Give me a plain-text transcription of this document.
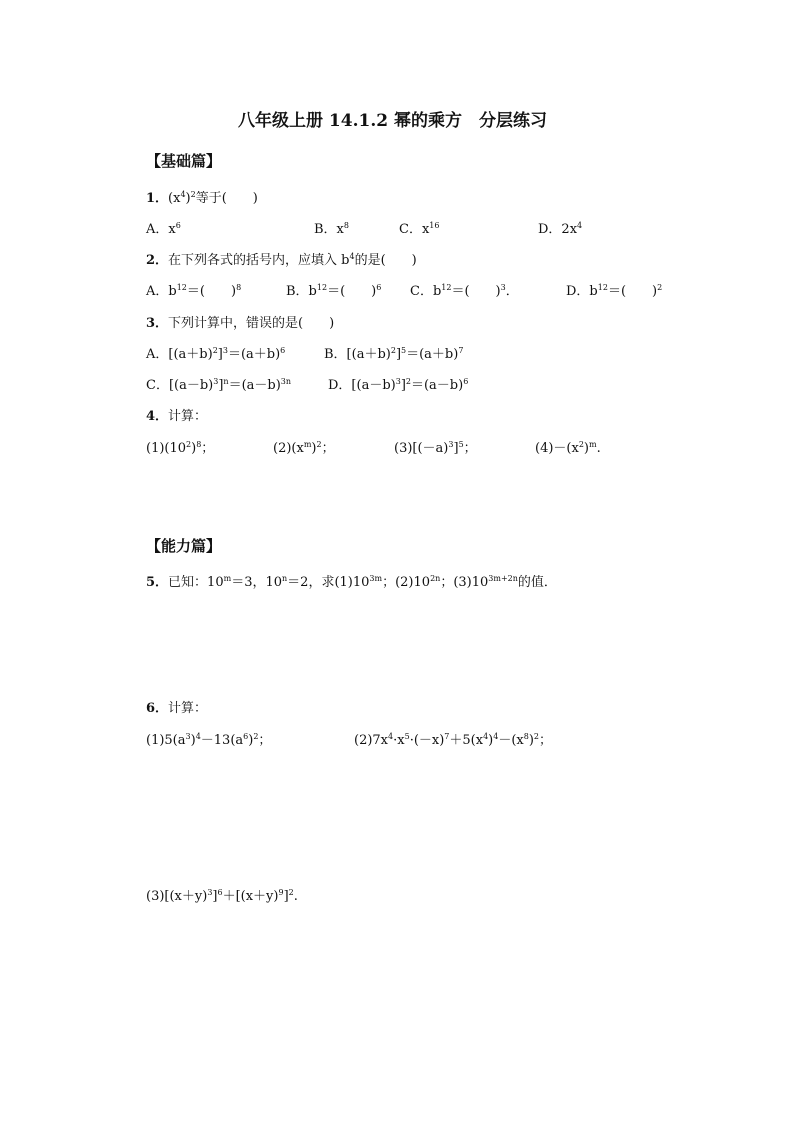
八年级上册 14.1.2 幂的乘方　分层练习
【基础篇】
1．$(x^4)^2$等于(　　)
A．$x^6$	B．$x^8$	C．$x^{16}$	D．$2x^4$
2．在下列各式的括号内，应填入 $b^4$的是(　　)
A．$b^{12}=$(　　)$^8$	B．$b^{12}=$(　　)$^6$ C．$b^{12}=$(　　)$^3$．	D．$b^{12}=$(　　)$^2$
3．下列计算中，错误的是(　　)
A．$[(a+b)^2]^3=(a+b)^6$	B．$[(a+b)^2]^5=(a+b)^7$
C．$[(a-b)^3]^n=(a-b)^{3n}$	D．$[(a-b)^3]^2=(a-b)^6$
4．计算：
$(1)(10^2)^8$；	$(2)(x^m)^2$；	$(3)[(-a)^3]^5$；	$(4)-(x^2)^m$.
【能力篇】
5．已知：$10^m=3$，$10^n=2$，求$(1)10^{3m}$；$(2)10^{2n}$；$(3)10^{3m+2n}$的值．
6．计算：
$(1)5(a^3)^4-13(a^6)^2$；	$(2)7x^4\cdot x^5\cdot(-x)^7+5(x^4)^4-(x^8)^2$；
$(3)[(x+y)^3]^6+[(x+y)^9]^2$.
